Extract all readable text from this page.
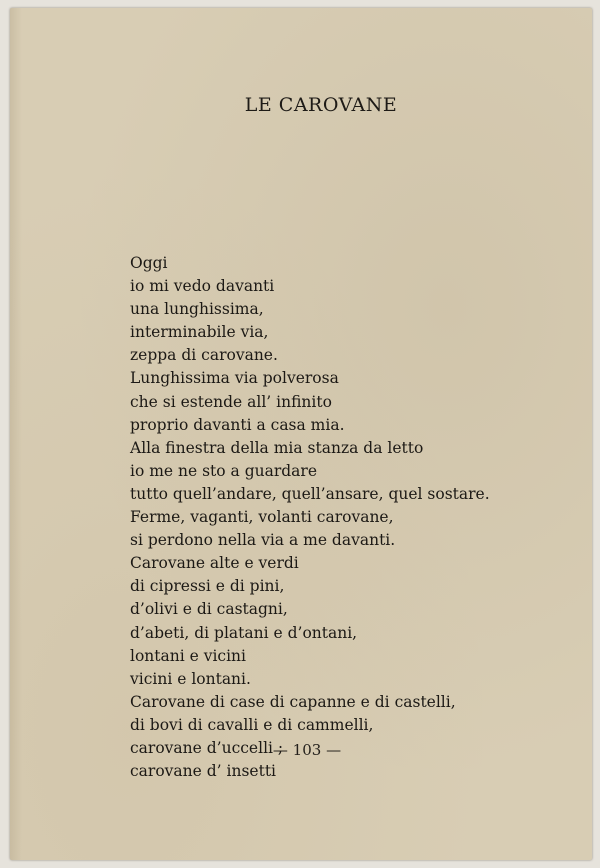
LE CAROVANE
Oggi
io mi vedo davanti
una lunghissima,
interminabile via,
zeppa di carovane.
Lunghissima via polverosa
che si estende all’ infinito
proprio davanti a casa mia.
Alla finestra della mia stanza da letto
io me ne sto a guardare
tutto quell’andare, quell’ansare, quel sostare.
Ferme, vaganti, volanti carovane,
si perdono nella via a me davanti.
Carovane alte e verdi
di cipressi e di pini,
d’olivi e di castagni,
d’abeti, di platani e d’ontani,
lontani e vicini
vicini e lontani.
Carovane di case di capanne e di castelli,
di bovi di cavalli e di cammelli,
carovane d’uccelli ;
carovane d’ insetti
— 103 —
